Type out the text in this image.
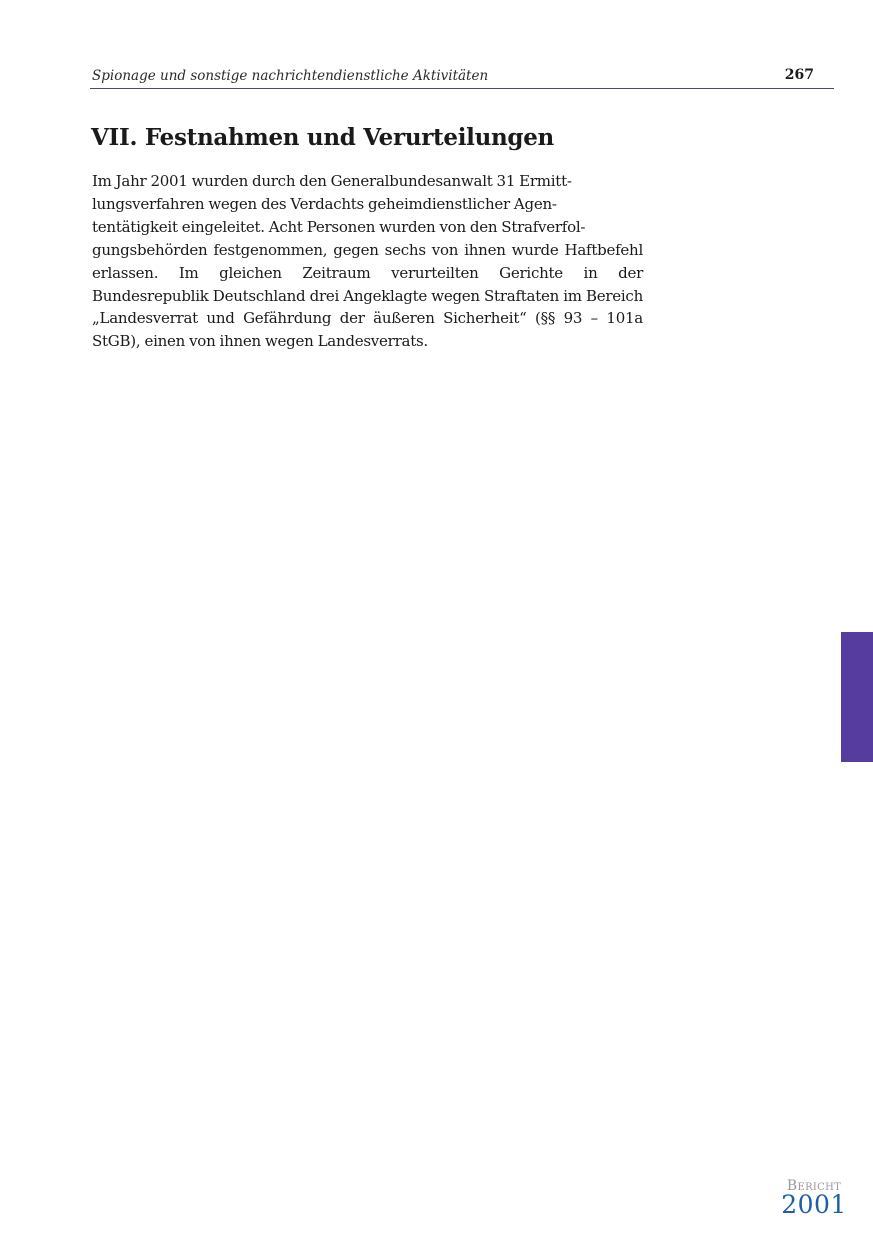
Spionage und sonstige nachrichtendienstliche Aktivitäten	267
VII. Festnahmen und Verurteilungen

Im Jahr 2001 wurden durch den Generalbundesanwalt 31 Ermitt-
lungsverfahren wegen des Verdachts geheimdienstlicher Agen-
tentätigkeit eingeleitet. Acht Personen wurden von den Strafverfol-
gungsbehörden festgenommen, gegen sechs von ihnen wurde Haftbefehl erlassen. Im gleichen Zeitraum verurteilten Gerichte in der Bundesrepublik Deutschland drei Angeklagte wegen Straftaten im Bereich „Landesverrat und Gefährdung der äußeren Sicherheit“ (§§ 93 – 101a StGB), einen von ihnen wegen Landesverrats.

Bericht
2001
